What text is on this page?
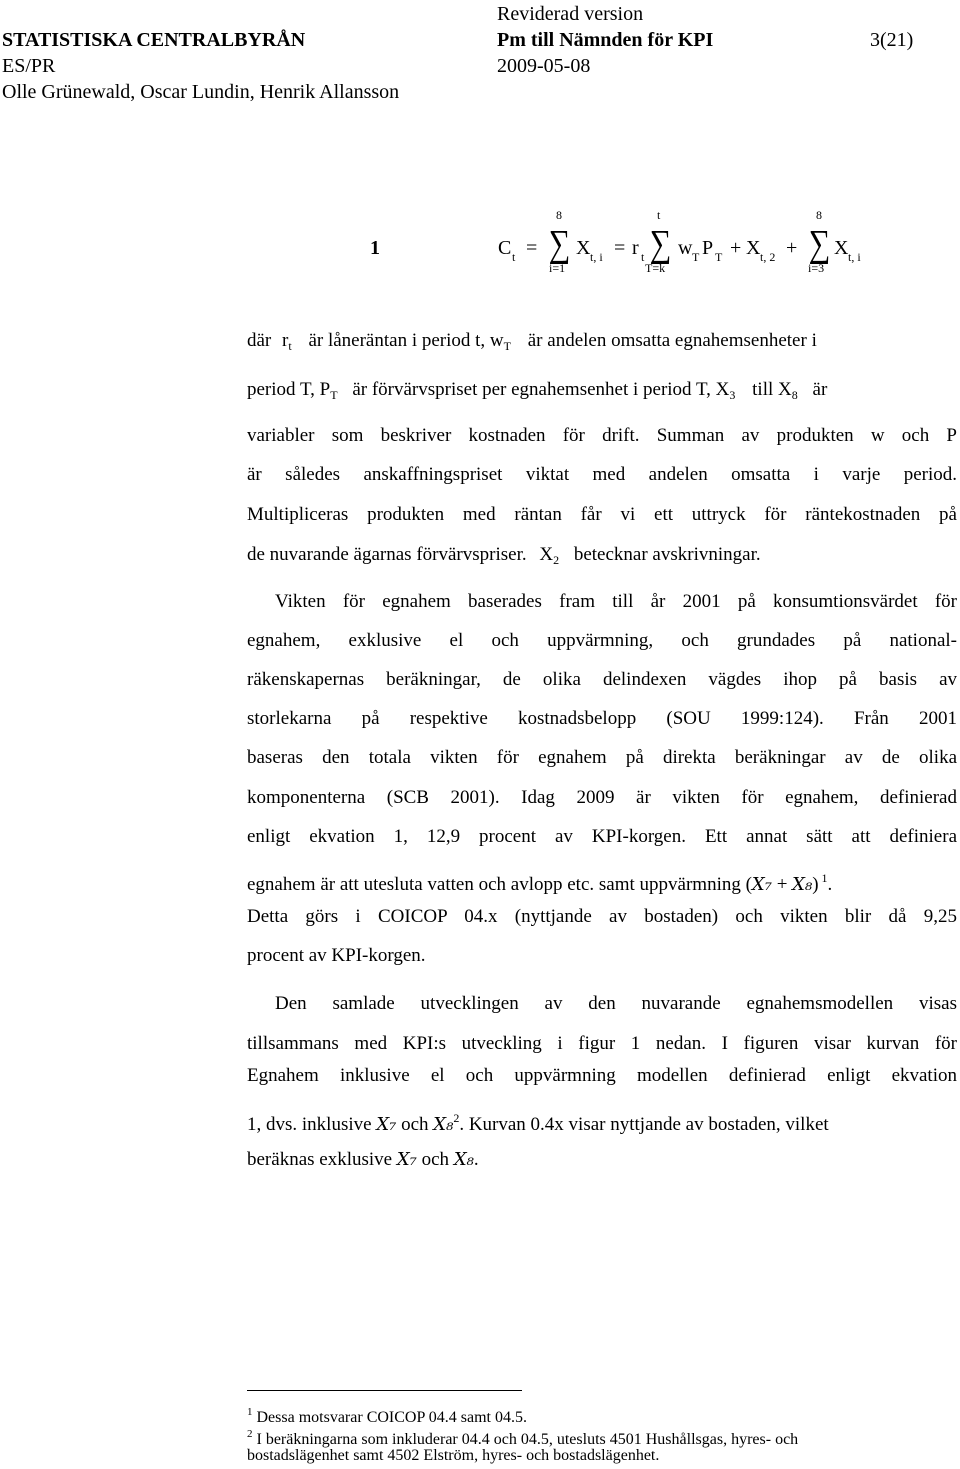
STATISTISKA CENTRALBYRÅN
ES/PR
Olle Grünewald, Oscar Lundin, Henrik Allansson
Reviderad version
Pm till Nämnden för KPI
2009-05-08
3(21)
1	C t =
8
∑
i=1
X t, i = r t
t
∑
T=k
w T P T + X t, 2 +
8
∑
i=3
X t, i
där $r_t$ är låneräntan i period t, $w_T$ är andelen omsatta egnahemsenheter i
period T, $P_T$ är förvärvspriset per egnahemsenhet i period T, $X_3$ till $X_8$ är
variabler som beskriver kostnaden för drift. Summan av produkten w och P
är således anskaffningspriset viktat med andelen omsatta i varje period.
Multipliceras produkten med räntan får vi ett uttryck för räntekostnaden på
de nuvarande ägarnas förvärvspriser. $X_2$ betecknar avskrivningar.
Vikten för egnahem baserades fram till år 2001 på konsumtionsvärdet för
egnahem, exklusive el och uppvärmning, och grundades på national-
räkenskapernas beräkningar, de olika delindexen vägdes ihop på basis av
storlekarna på respektive kostnadsbelopp (SOU 1999:124). Från 2001
baseras den totala vikten för egnahem på direkta beräkningar av de olika
komponenterna (SCB 2001). Idag 2009 är vikten för egnahem, definierad
enligt ekvation 1, 12,9 procent av KPI-korgen. Ett annat sätt att definiera
egnahem är att utesluta vatten och avlopp etc. samt uppvärmning (X₇ + X₈) $^1$.
Detta görs i COICOP 04.x (nyttjande av bostaden) och vikten blir då 9,25
procent av KPI-korgen.
Den samlade utvecklingen av den nuvarande egnahemsmodellen visas
tillsammans med KPI:s utveckling i figur 1 nedan. I figuren visar kurvan för
Egnahem inklusive el och uppvärmning modellen definierad enligt ekvation
1, dvs. inklusive X₇ och X₈$^2$. Kurvan 0.4x visar nyttjande av bostaden, vilket
beräknas exklusive X₇ och X₈.
$^1$ Dessa motsvarar COICOP 04.4 samt 04.5.
$^2$ I beräkningarna som inkluderar 04.4 och 04.5, utesluts 4501 Hushållsgas, hyres- och
bostadslägenhet samt 4502 Elström, hyres- och bostadslägenhet.
